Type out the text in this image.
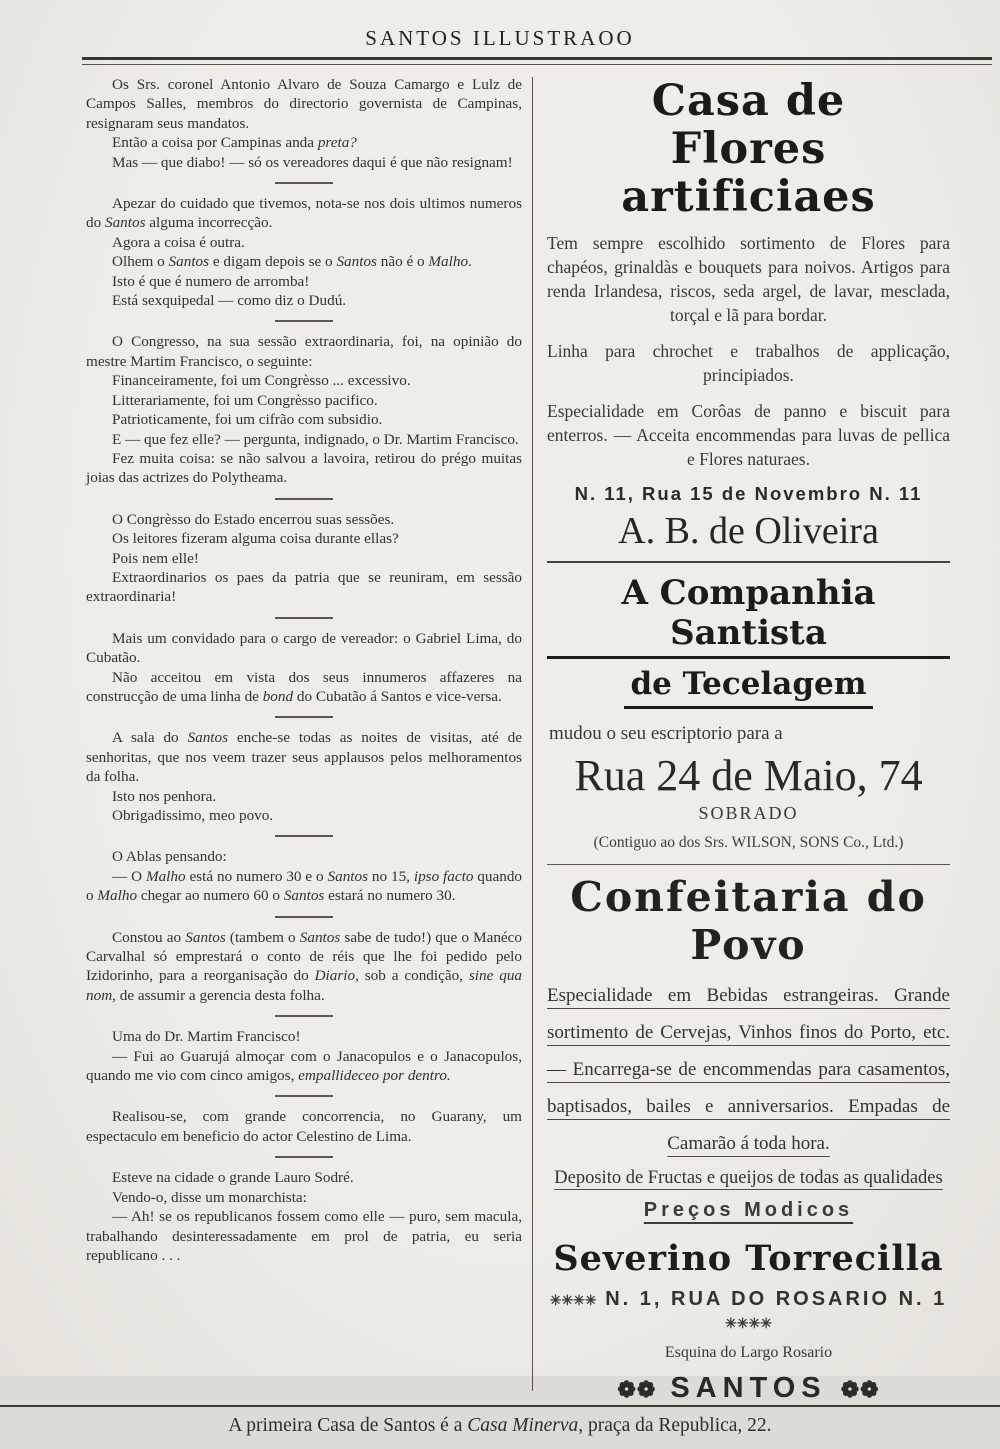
SANTOS ILLUSTRAOO

Os Srs. coronel Antonio Alvaro de Souza Camargo e Lulz de Campos Salles, membros do directorio governista de Campinas, resignaram seus mandatos.

Então a coisa por Campinas anda preta?

Mas — que diabo! — só os vereadores daqui é que não resignam!

Apezar do cuidado que tivemos, nota-se nos dois ultimos numeros do Santos alguma incorrecção.

Agora a coisa é outra.

Olhem o Santos e digam depois se o Santos não é o Malho.

Isto é que é numero de arromba!

Está sexquipedal — como diz o Dudú.

O Congresso, na sua sessão extraordinaria, foi, na opinião do mestre Martim Francisco, o seguinte:

Financeiramente, foi um Congrèsso ... excessivo.

Litterariamente, foi um Congrèsso pacifico.

Patrioticamente, foi um cifrão com subsidio.

E — que fez elle? — pergunta, indignado, o Dr. Martim Francisco.

Fez muita coisa: se não salvou a lavoira, retirou do prégo muitas joias das actrizes do Polytheama.

O Congrèsso do Estado encerrou suas sessões.

Os leitores fizeram alguma coisa durante ellas?

Pois nem elle!

Extraordinarios os paes da patria que se reuniram, em sessão extraordinaria!

Mais um convidado para o cargo de vereador: o Gabriel Lima, do Cubatão.

Não acceitou em vista dos seus innumeros affazeres na construcção de uma linha de bond do Cubatão á Santos e vice-versa.

A sala do Santos enche-se todas as noites de visitas, até de senhoritas, que nos veem trazer seus applausos pelos melhoramentos da folha.

Isto nos penhora.

Obrigadissimo, meo povo.

O Ablas pensando:

— O Malho está no numero 30 e o Santos no 15, ipso facto quando o Malho chegar ao numero 60 o Santos estará no numero 30.

Constou ao Santos (tambem o Santos sabe de tudo!) que o Manéco Carvalhal só emprestará o conto de réis que lhe foi pedido pelo Izidorinho, para a reorganisação do Diario, sob a condição, sine qua nom, de assumir a gerencia desta folha.

Uma do Dr. Martim Francisco!

— Fui ao Guarujá almoçar com o Janacopulos e o Janacopulos, quando me vio com cinco amigos, empallideceo por dentro.

Realisou-se, com grande concorrencia, no Guarany, um espectaculo em beneficio do actor Celestino de Lima.

Esteve na cidade o grande Lauro Sodré.

Vendo-o, disse um monarchista:

— Ah! se os republicanos fossem como elle — puro, sem macula, trabalhando desinteressadamente em prol de patria, eu seria republicano . . .

Casa de
Flores artificiaes

Tem sempre escolhido sortimento de Flores para chapéos, grinaldàs e bouquets para noivos. Artigos para renda Irlandesa, riscos, seda argel, de lavar, mesclada, torçal e lã para bordar.

Linha para chrochet e trabalhos de applicação, principiados.

Especialidade em Corôas de panno e biscuit para enterros. — Acceita encommendas para luvas de pellica e Flores naturaes.

N. 11, Rua 15 de Novembro N. 11
A. B. de Oliveira
A Companhia Santista
de Tecelagem

mudou o seu escriptorio para a

Rua 24 de Maio, 74
SOBRADO

(Contiguo ao dos Srs. WILSON, SONS Co., Ltd.)

Confeitaria do Povo

Especialidade em Bebidas estrangeiras. Grande sortimento de Cervejas, Vinhos finos do Porto, etc. — Encarrega-se de encommendas para casamentos, baptisados, bailes e anniversarios. Empadas de Camarão á toda hora.

Deposito de Fructas e queijos de todas as qualidades
Preços Modicos
Severino Torrecilla
✳✳✳✳ N. 1, RUA DO ROSARIO N. 1 ✳✳✳✳
Esquina do Largo Rosario
❁❁ SANTOS ❁❁

A primeira Casa de Santos é a Casa Minerva, praça da Republica, 22.
